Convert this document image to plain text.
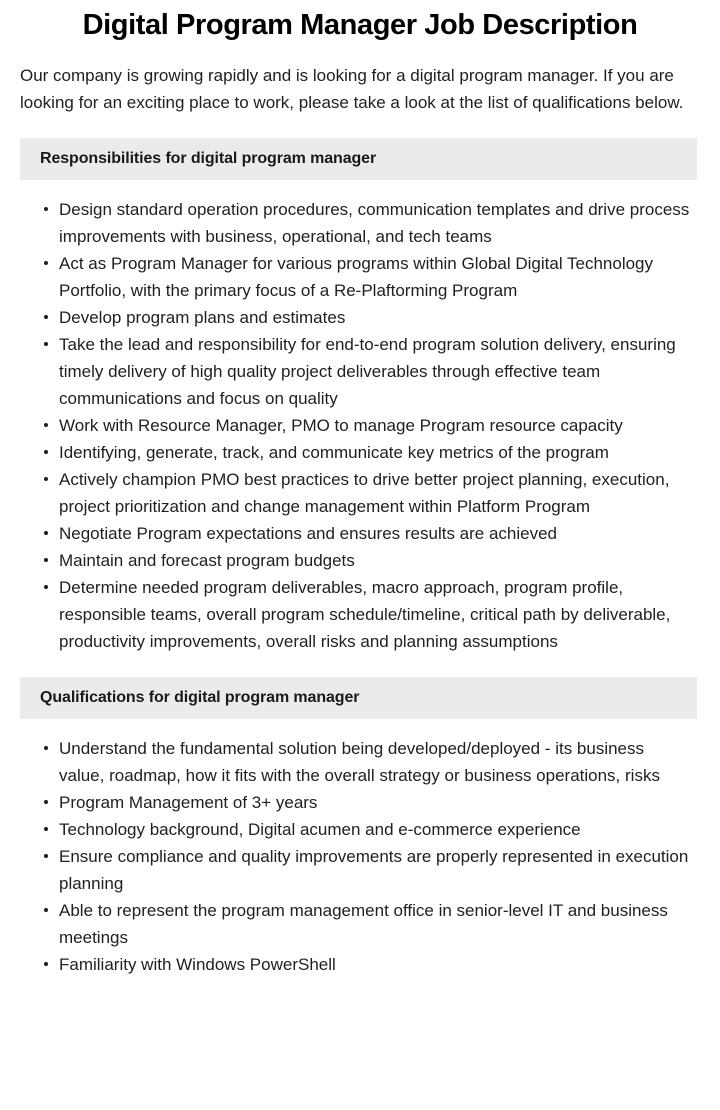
Digital Program Manager Job Description

Our company is growing rapidly and is looking for a digital program manager. If you are looking for an exciting place to work, please take a look at the list of qualifications below.

Responsibilities for digital program manager
Design standard operation procedures, communication templates and drive process improvements with business, operational, and tech teams
Act as Program Manager for various programs within Global Digital Technology Portfolio, with the primary focus of a Re-Plaftorming Program
Develop program plans and estimates
Take the lead and responsibility for end-to-end program solution delivery, ensuring timely delivery of high quality project deliverables through effective team communications and focus on quality
Work with Resource Manager, PMO to manage Program resource capacity
Identifying, generate, track, and communicate key metrics of the program
Actively champion PMO best practices to drive better project planning, execution, project prioritization and change management within Platform Program
Negotiate Program expectations and ensures results are achieved
Maintain and forecast program budgets
Determine needed program deliverables, macro approach, program profile, responsible teams, overall program schedule/timeline, critical path by deliverable, productivity improvements, overall risks and planning assumptions
Qualifications for digital program manager
Understand the fundamental solution being developed/deployed - its business value, roadmap, how it fits with the overall strategy or business operations, risks
Program Management of 3+ years
Technology background, Digital acumen and e-commerce experience
Ensure compliance and quality improvements are properly represented in execution planning
Able to represent the program management office in senior-level IT and business meetings
Familiarity with Windows PowerShell
